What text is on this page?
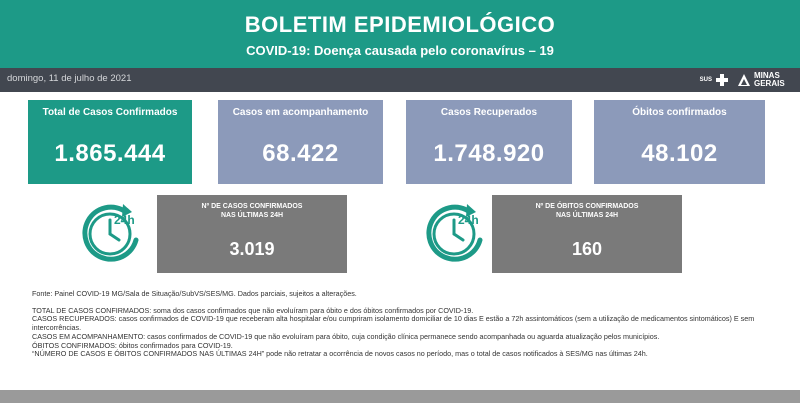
BOLETIM EPIDEMIOLÓGICO
COVID-19: Doença causada pelo coronavírus – 19
domingo, 11 de julho de 2021	SUS	MINAS GERAIS
Total de Casos Confirmados
1.865.444
Casos em acompanhamento
68.422
Casos Recuperados
1.748.920
Óbitos confirmados
48.102
24h
Nº DE CASOS CONFIRMADOS
NAS ÚLTIMAS 24H
3.019
24h
Nº DE ÓBITOS CONFIRMADOS
NAS ÚLTIMAS 24H
160
Fonte: Painel COVID-19 MG/Sala de Situação/SubVS/SES/MG. Dados parciais, sujeitos a alterações.
TOTAL DE CASOS CONFIRMADOS: soma dos casos confirmados que não evoluíram para óbito e dos óbitos confirmados por COVID-19.
CASOS RECUPERADOS: casos confirmados de COVID-19 que receberam alta hospitalar e/ou cumpriram isolamento domiciliar de 10 dias E estão a 72h assintomáticos (sem a utilização de medicamentos sintomáticos) E sem intercorrências.
CASOS EM ACOMPANHAMENTO: casos confirmados de COVID-19 que não evoluíram para óbito, cuja condição clínica permanece sendo acompanhada ou aguarda atualização pelos municípios.
ÓBITOS CONFIRMADOS: óbitos confirmados para COVID-19.
“NÚMERO DE CASOS E ÓBITOS CONFIRMADOS NAS ÚLTIMAS 24H” pode não retratar a ocorrência de novos casos no período, mas o total de casos notificados à SES/MG nas últimas 24h.
